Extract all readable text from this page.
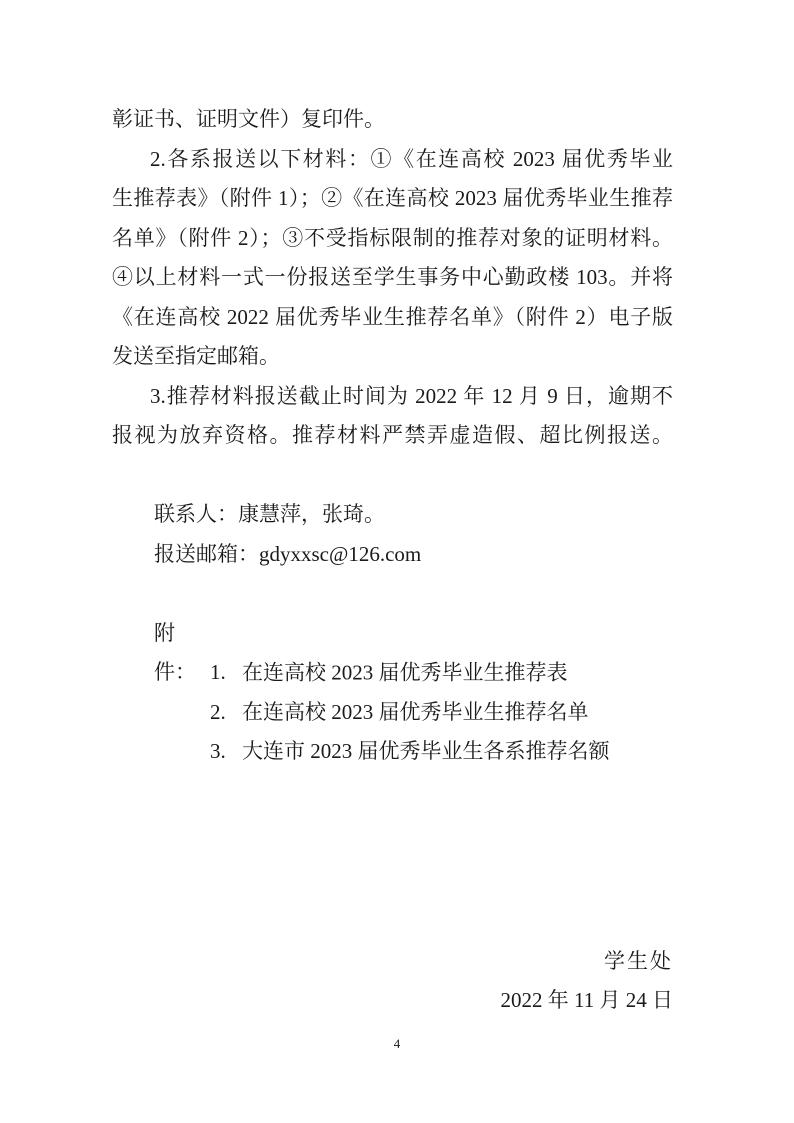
彰证书、证明文件）复印件。

2.各系报送以下材料：①《在连高校 2023 届优秀毕业

生推荐表》（附件 1）；②《在连高校 2023 届优秀毕业生推荐

名单》（附件 2）；③不受指标限制的推荐对象的证明材料。

④以上材料一式一份报送至学生事务中心勤政楼 103。并将

《在连高校 2022 届优秀毕业生推荐名单》（附件 2）电子版

发送至指定邮箱。

3.推荐材料报送截止时间为 2022 年 12 月 9 日，逾期不

报视为放弃资格。推荐材料严禁弄虚造假、超比例报送。

联系人：康慧萍，张琦。

报送邮箱：gdyxxsc@126.com

附件： 1. 在连高校 2023 届优秀毕业生推荐表
2. 在连高校 2023 届优秀毕业生推荐名单
3. 大连市 2023 届优秀毕业生各系推荐名额

学生处

2022 年 11 月 24 日

4
